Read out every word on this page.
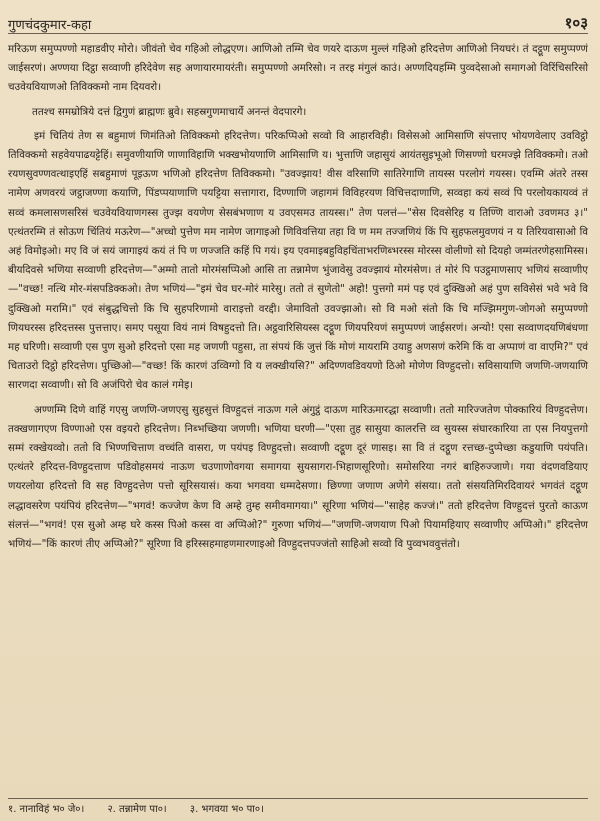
गुणचंदकुमार-कहा	१०३

मरिऊण समुप्पण्णो महाडवीए मोरो। जीवंतो चेव गहिओ लोद्धएण। आणिओ तम्मि चेव णयरे दाऊण मुल्लं गहिओ हरिदत्तेण आणिओ नियघरं। तं दट्ठूण समुप्पण्णं जाईसरणं। अण्णया दिट्ठा सव्वाणी हरिदेवेण सह अणायारमायरंती। समुप्पण्णो अमरिसो। न तरइ मंगुलं काउं। अण्णदियहम्मि पुव्वदेसाओ समागओ विरिंचिसरिसो चउवेयवियाणओ तिविक्कमो नाम दियवरो।

ततश्च समम्रोत्रिये दत्तं द्विगुणं ब्राह्मणः ब्रुवे। सहस्रगुणमाचार्ये अनन्तं वेदपारगे।

इमं चितियं तेण स बहुमाणं णिमंतिओ तिविक्कमो हरिदत्तेण। परिकप्पिओ सव्वो वि आहारविही। विसेसओ आमिसाणि संपत्ताए भोयणवेलाए उवविट्ठो तिविक्कमो सहवेयपाढयट्टेहिं। समुवणीयाणि णाणाविहाणि भक्खभोयणाणि आमिसाणि य। भुत्ताणि जहासुयं आयंतसुइभूओ णिसण्णो घरमज्झे तिविक्कमो। तओ रयणसुवण्णवत्थाइएहिं सबहुमाणं पूइऊण भणिओ हरिदत्तेण तिविक्कमो। "उवज्झाय! वीस वरिसाणि सातिरेगाणि तायस्स परलोगं गयस्स। एवम्मि अंतरे तस्स नामेण अणवरयं जट्ठाजण्णा कयाणि, पिंडप्पयाणाणि पयट्टिया सत्तागारा, दिण्णाणि जहागमं विविहरयण विचित्तदाणाणि, सव्वहा कयं सव्वं पि परलोयकायव्वं तं सव्वं कमलासणसरिसं चउवेयवियाणगस्स तुज्झ वयणेण सेसबंभणाण य उवएसमउ तायस्स।" तेण पलत्तं—"सेस दिवसेरिह य तिण्णि वाराओ उवणमउ ३।" एत्थंतरम्मि तं सोऊण चिंतियं मऊरेण—"अच्चो पुत्तेण मम नामेण जागाइओ णिविवत्तिया तहा वि ण मम तज्जणियं किं पि सुहफलमुवणयं न य तिरियवासाओ वि अहं विमोइओ। मए वि जं सयं जागाइयं कयं तं पि ण णज्जति कहिं पि गयं। इय एवमाइबहुविहचिंताभरणिब्भरस्स मोरस्स वोलीणो सो दियहो जम्मंतरणेहसामिस्स। बीयदिवसे भणिया सव्वाणी हरिदत्तेण—"अम्मो तातो मोरमंसप्पिओ आसि ता तन्नामेण भुंजावेसु उवज्झायं मोरमंसेण। तं मोरं पि पउट्ठमाणसाए भणियं सव्वाणीए—"वच्छ! नत्थि मोर-मंसपडिक्कओ। तेण भणियं—"इमं चेव घर-मोरं मारेसु। ततो तं सुणेतो" अहो! पुत्तगो ममं पइ एवं दुक्खिओ अहं पुण सविसेसं भवे भवे वि दुक्खिओ मरामि।" एवं संबुद्धचित्तो कि चि सुहपरिणामो वाराइत्तो वरद्दी। जेमावितो उवज्झाओ। सो वि मओ संतो कि चि मज्झिमगुण-जोगओ समुप्पण्णो णियघरस्स हरिदत्तस्स पुत्तत्ताए। समए पसूया वियं नामं विषहुदत्तो ति। अट्ठवारिसियस्स दट्ठूण णियपरियणं समुप्पण्णं जाईसरणं। अन्यो! एसा सव्वाणदयणिबंधणा मह घरिणी। सव्वाणी एस पुण सुओ हरिदत्तो एसा मह जणणी पहुसा, ता संपयं किं जुत्तं किं मोणं मायरामि उयाहु अणसणं करेमि किं वा अप्पाणं वा वाएमि?" एवं चिताउरो दिट्ठो हरिदत्तेण। पुच्छिओ—"वच्छ! किं कारणं उव्विग्गो वि य लक्खीयसि?" अदिण्णवडिवयणो ठिओ मोणेण विण्हुदत्तो। सविसायाणि जणणि-जणयाणि सारणदा सव्वाणी। सो वि अजंपिरो चेव कालं गमेइ।

अण्णम्मि दिणे वाहिं गएसु जणणि-जणएसु सुहसुत्तं विण्हुदत्तं नाऊण गले अंगुट्ठं दाऊण मारिऊमारद्धा सव्वाणी। ततो मारिज्जतेण पोक्कारियं विण्हुदत्तेण। तक्खणागएण विण्णाओ एस वइयरो हरिदत्तेण। निब्भच्छिया जणणी। भणिया घरणी—"एसा तुह सासुया कालरत्ति व्व सुयस्स संघारकारिया ता एस नियपुत्तगो सम्मं रक्खेयव्वो। ततो वि भिण्णचित्ताण वच्चंति वासरा, ण पयंपइ विण्हुदत्तो। सव्वाणी दट्ठूण दूरं णासइ। सा वि तं दट्ठूण रत्तच्छ-दुप्पेच्छा कडुयाणि पयंपति। एत्थंतरे हरिदत्त-विण्हुदत्ताण पडिवोहसमयं नाऊण चउणाणोवगया समागया सुयसागरा-भिहाणसूरिणो। समोसरिया नगरं बाहिरुज्जाणे। गया वंदणवडियाए णयरलोया हरिदत्तो वि सह विण्हुदत्तेण पत्तो सूरिसयासं। कया भगवया धम्मदेसणा। छिण्णा जणाण अणेगे संसया। ततो संसयतिमिरदिवायरं भगवंतं दट्ठूण लद्धावसरेण पयंपियं हरिदत्तेण—"भगवं! कज्जेण केण वि अम्हे तुम्ह समीवमागया।" सूरिणा भणियं—"साहेह कज्जं।" ततो हरिदत्तेण विण्हुदत्तं पुरतो काऊण संलत्तं—"भगवं! एस सुओ अम्ह घरे कस्स पिओ कस्स वा अप्पिओ?" गुरुणा भणियं—"जणणि-जणयाण पिओ पियामहियाए सव्वाणीए अप्पिओ।" हरिदत्तेण भणियं—"किं कारणं तीए अप्पिओ?" सूरिणा वि हरिस्सहमाहणमारणाइओ विण्हुदत्तपज्जंतो साहिओ सव्वो वि पुव्वभववुत्तंतो।

१. नानाविहं भ० जे०। २. तन्नामेण पा०। ३. भगवया भ० पा०।
